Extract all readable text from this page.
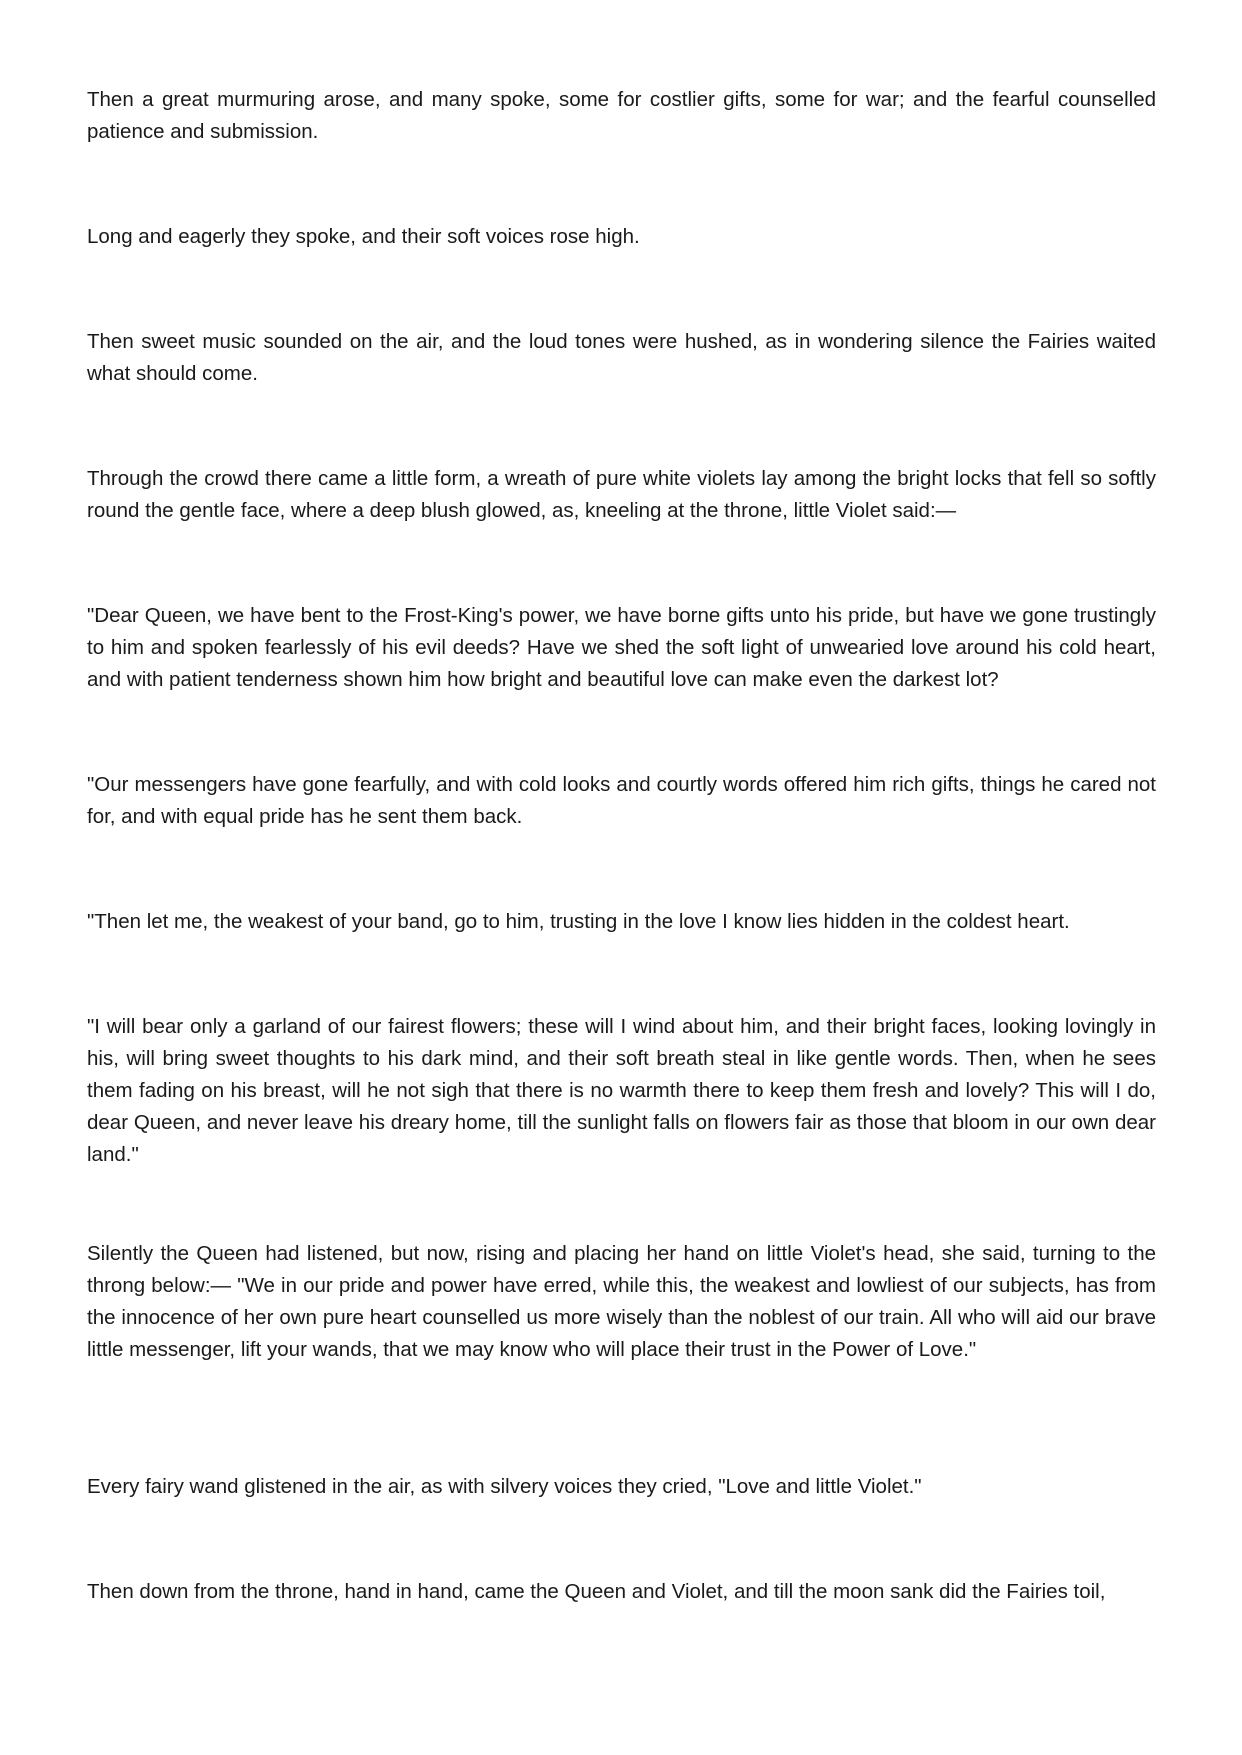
Then a great murmuring arose, and many spoke, some for costlier gifts, some for war; and the fearful counselled patience and submission.

Long and eagerly they spoke, and their soft voices rose high.

Then sweet music sounded on the air, and the loud tones were hushed, as in wondering silence the Fairies waited what should come.

Through the crowd there came a little form, a wreath of pure white violets lay among the bright locks that fell so softly round the gentle face, where a deep blush glowed, as, kneeling at the throne, little Violet said:—

"Dear Queen, we have bent to the Frost-King's power, we have borne gifts unto his pride, but have we gone trustingly to him and spoken fearlessly of his evil deeds? Have we shed the soft light of unwearied love around his cold heart, and with patient tenderness shown him how bright and beautiful love can make even the darkest lot?

"Our messengers have gone fearfully, and with cold looks and courtly words offered him rich gifts, things he cared not for, and with equal pride has he sent them back.

"Then let me, the weakest of your band, go to him, trusting in the love I know lies hidden in the coldest heart.

"I will bear only a garland of our fairest flowers; these will I wind about him, and their bright faces, looking lovingly in his, will bring sweet thoughts to his dark mind, and their soft breath steal in like gentle words. Then, when he sees them fading on his breast, will he not sigh that there is no warmth there to keep them fresh and lovely? This will I do, dear Queen, and never leave his dreary home, till the sunlight falls on flowers fair as those that bloom in our own dear land."

Silently the Queen had listened, but now, rising and placing her hand on little Violet's head, she said, turning to the throng below:— "We in our pride and power have erred, while this, the weakest and lowliest of our subjects, has from the innocence of her own pure heart counselled us more wisely than the noblest of our train. All who will aid our brave little messenger, lift your wands, that we may know who will place their trust in the Power of Love."

Every fairy wand glistened in the air, as with silvery voices they cried, "Love and little Violet."

Then down from the throne, hand in hand, came the Queen and Violet, and till the moon sank did the Fairies toil,
